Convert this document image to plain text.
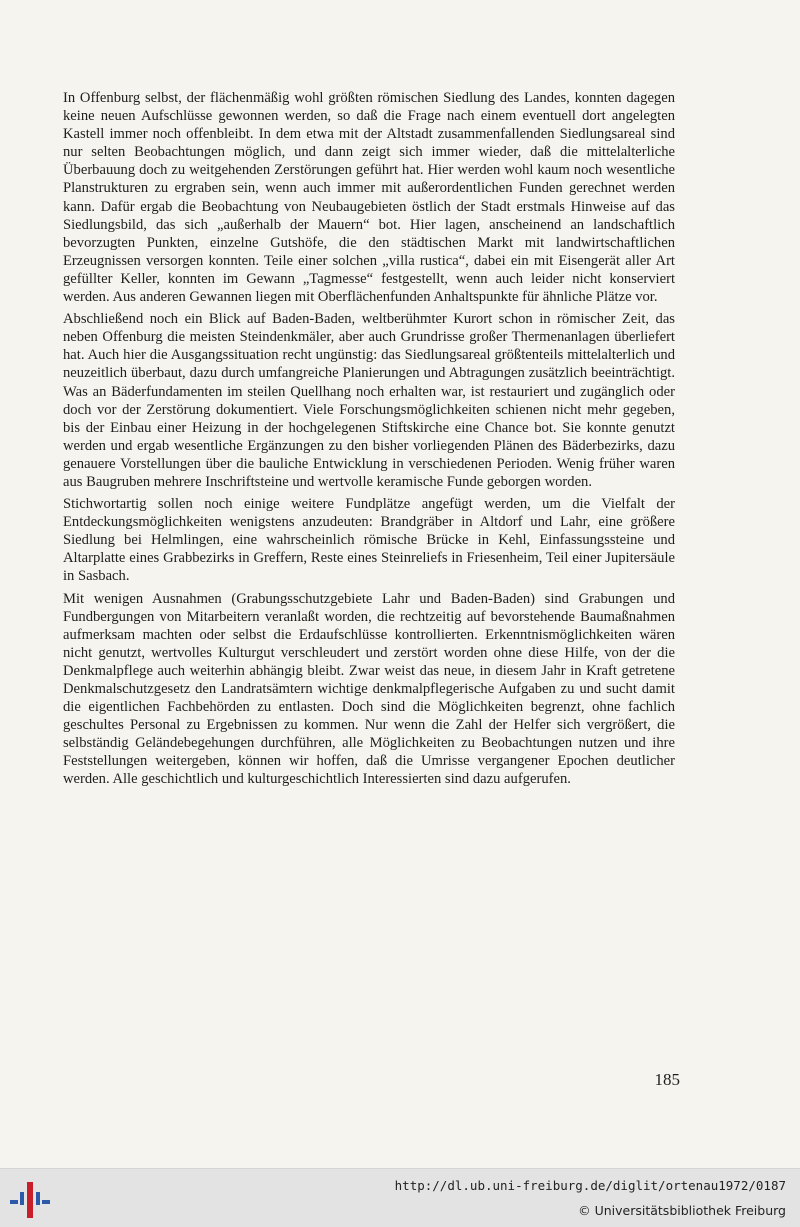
In Offenburg selbst, der flächenmäßig wohl größten römischen Siedlung des Landes, konnten dagegen keine neuen Aufschlüsse gewonnen werden, so daß die Frage nach einem eventuell dort angelegten Kastell immer noch offenbleibt. In dem etwa mit der Altstadt zusammenfallenden Siedlungsareal sind nur selten Beobachtungen möglich, und dann zeigt sich immer wieder, daß die mittelalterliche Überbauung doch zu weitgehenden Zerstörungen geführt hat. Hier werden wohl kaum noch wesentliche Planstrukturen zu ergraben sein, wenn auch immer mit außerordentlichen Funden gerechnet werden kann. Dafür ergab die Beobachtung von Neubaugebieten östlich der Stadt erstmals Hinweise auf das Siedlungsbild, das sich „außerhalb der Mauern“ bot. Hier lagen, anscheinend an landschaftlich bevorzugten Punkten, einzelne Gutshöfe, die den städtischen Markt mit landwirtschaftlichen Erzeugnissen versorgen konnten. Teile einer solchen „villa rustica“, dabei ein mit Eisengerät aller Art gefüllter Keller, konnten im Gewann „Tagmesse“ festgestellt, wenn auch leider nicht konserviert werden. Aus anderen Gewannen liegen mit Oberflächenfunden Anhaltspunkte für ähnliche Plätze vor.

Abschließend noch ein Blick auf Baden-Baden, weltberühmter Kurort schon in römischer Zeit, das neben Offenburg die meisten Steindenkmäler, aber auch Grundrisse großer Thermenanlagen überliefert hat. Auch hier die Ausgangssituation recht ungünstig: das Siedlungsareal größtenteils mittelalterlich und neuzeitlich überbaut, dazu durch umfangreiche Planierungen und Abtragungen zusätzlich beeinträchtigt. Was an Bäderfundamenten im steilen Quellhang noch erhalten war, ist restauriert und zugänglich oder doch vor der Zerstörung dokumentiert. Viele Forschungsmöglichkeiten schienen nicht mehr gegeben, bis der Einbau einer Heizung in der hochgelegenen Stiftskirche eine Chance bot. Sie konnte genutzt werden und ergab wesentliche Ergänzungen zu den bisher vorliegenden Plänen des Bäderbezirks, dazu genauere Vorstellungen über die bauliche Entwicklung in verschiedenen Perioden. Wenig früher waren aus Baugruben mehrere Inschriftsteine und wertvolle keramische Funde geborgen worden.

Stichwortartig sollen noch einige weitere Fundplätze angefügt werden, um die Vielfalt der Entdeckungsmöglichkeiten wenigstens anzudeuten: Brandgräber in Altdorf und Lahr, eine größere Siedlung bei Helmlingen, eine wahrscheinlich römische Brücke in Kehl, Einfassungssteine und Altarplatte eines Grabbezirks in Greffern, Reste eines Steinreliefs in Friesenheim, Teil einer Jupitersäule in Sasbach.

Mit wenigen Ausnahmen (Grabungsschutzgebiete Lahr und Baden-Baden) sind Grabungen und Fundbergungen von Mitarbeitern veranlaßt worden, die rechtzeitig auf bevorstehende Baumaßnahmen aufmerksam machten oder selbst die Erdaufschlüsse kontrollierten. Erkenntnismöglichkeiten wären nicht genutzt, wertvolles Kulturgut verschleudert und zerstört worden ohne diese Hilfe, von der die Denkmalpflege auch weiterhin abhängig bleibt. Zwar weist das neue, in diesem Jahr in Kraft getretene Denkmalschutzgesetz den Landratsämtern wichtige denkmalpflegerische Aufgaben zu und sucht damit die eigentlichen Fachbehörden zu entlasten. Doch sind die Möglichkeiten begrenzt, ohne fachlich geschultes Personal zu Ergebnissen zu kommen. Nur wenn die Zahl der Helfer sich vergrößert, die selbständig Geländebegehungen durchführen, alle Möglichkeiten zu Beobachtungen nutzen und ihre Feststellungen weitergeben, können wir hoffen, daß die Umrisse vergangener Epochen deutlicher werden. Alle geschichtlich und kulturgeschichtlich Interessierten sind dazu aufgerufen.

185
http://dl.ub.uni-freiburg.de/diglit/ortenau1972/0187
© Universitätsbibliothek Freiburg
